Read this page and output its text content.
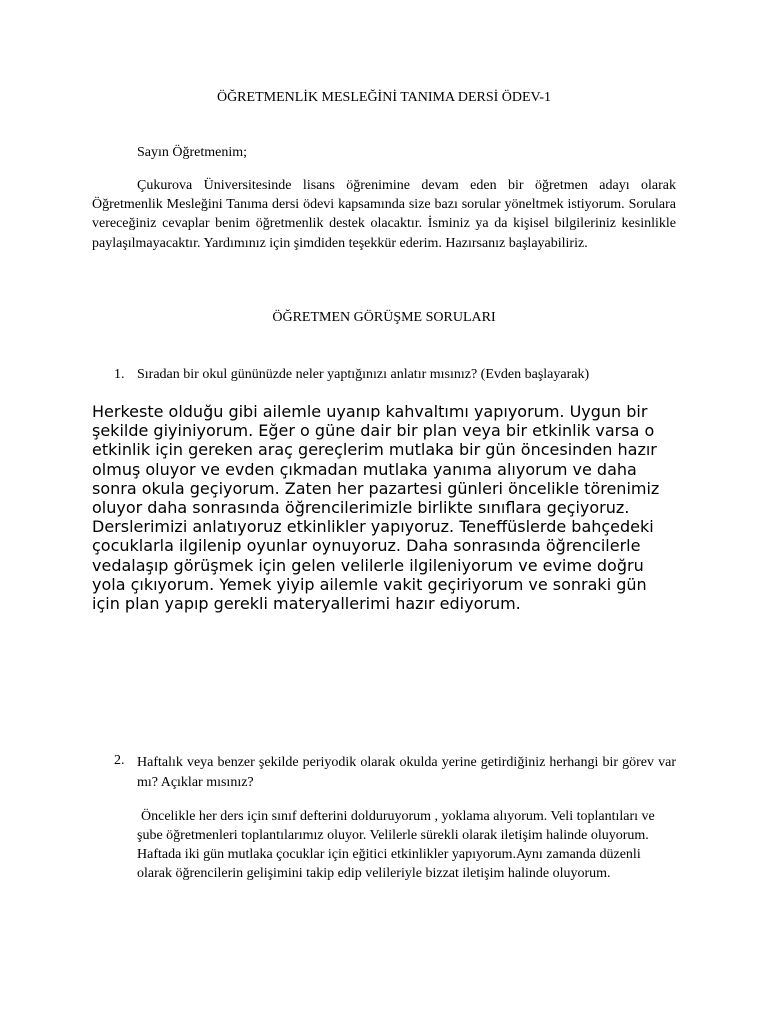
ÖĞRETMENLİK MESLEĞİNİ TANIMA DERSİ ÖDEV-1
Sayın Öğretmenim;

Çukurova Üniversitesinde lisans öğrenimine devam eden bir öğretmen adayı olarak Öğretmenlik Mesleğini Tanıma dersi ödevi kapsamında size bazı sorular yöneltmek istiyorum. Sorulara vereceğiniz cevaplar benim öğretmenlik destek olacaktır. İsminiz ya da kişisel bilgileriniz kesinlikle paylaşılmayacaktır. Yardımınız için şimdiden teşekkür ederim. Hazırsanız başlayabiliriz.

ÖĞRETMEN GÖRÜŞME SORULARI
1. Sıradan bir okul gününüzde neler yaptığınızı anlatır mısınız? (Evden başlayarak)

Herkeste olduğu gibi ailemle uyanıp kahvaltımı yapıyorum. Uygun bir şekilde giyiniyorum. Eğer o güne dair bir plan veya bir etkinlik varsa o etkinlik için gereken araç gereçlerim mutlaka bir gün öncesinden hazır olmuş oluyor ve evden çıkmadan mutlaka yanıma alıyorum ve daha sonra okula geçiyorum. Zaten her pazartesi günleri öncelikle törenimiz oluyor daha sonrasında öğrencilerimizle birlikte sınıflara geçiyoruz. Derslerimizi anlatıyoruz etkinlikler yapıyoruz. Teneffüslerde bahçedeki çocuklarla ilgilenip oyunlar oynuyoruz. Daha sonrasında öğrencilerle vedalaşıp görüşmek için gelen velilerle ilgileniyorum ve evime doğru yola çıkıyorum. Yemek yiyip ailemle vakit geçiriyorum ve sonraki gün için plan yapıp gerekli materyallerimi hazır ediyorum.

2. Haftalık veya benzer şekilde periyodik olarak okulda yerine getirdiğiniz herhangi bir görev var mı? Açıklar mısınız?

Öncelikle her ders için sınıf defterini dolduruyorum , yoklama alıyorum. Veli toplantıları ve şube öğretmenleri toplantılarımız oluyor. Velilerle sürekli olarak iletişim halinde oluyorum. Haftada iki gün mutlaka çocuklar için eğitici etkinlikler yapıyorum.Aynı zamanda düzenli olarak öğrencilerin gelişimini takip edip velileriyle bizzat iletişim halinde oluyorum.
